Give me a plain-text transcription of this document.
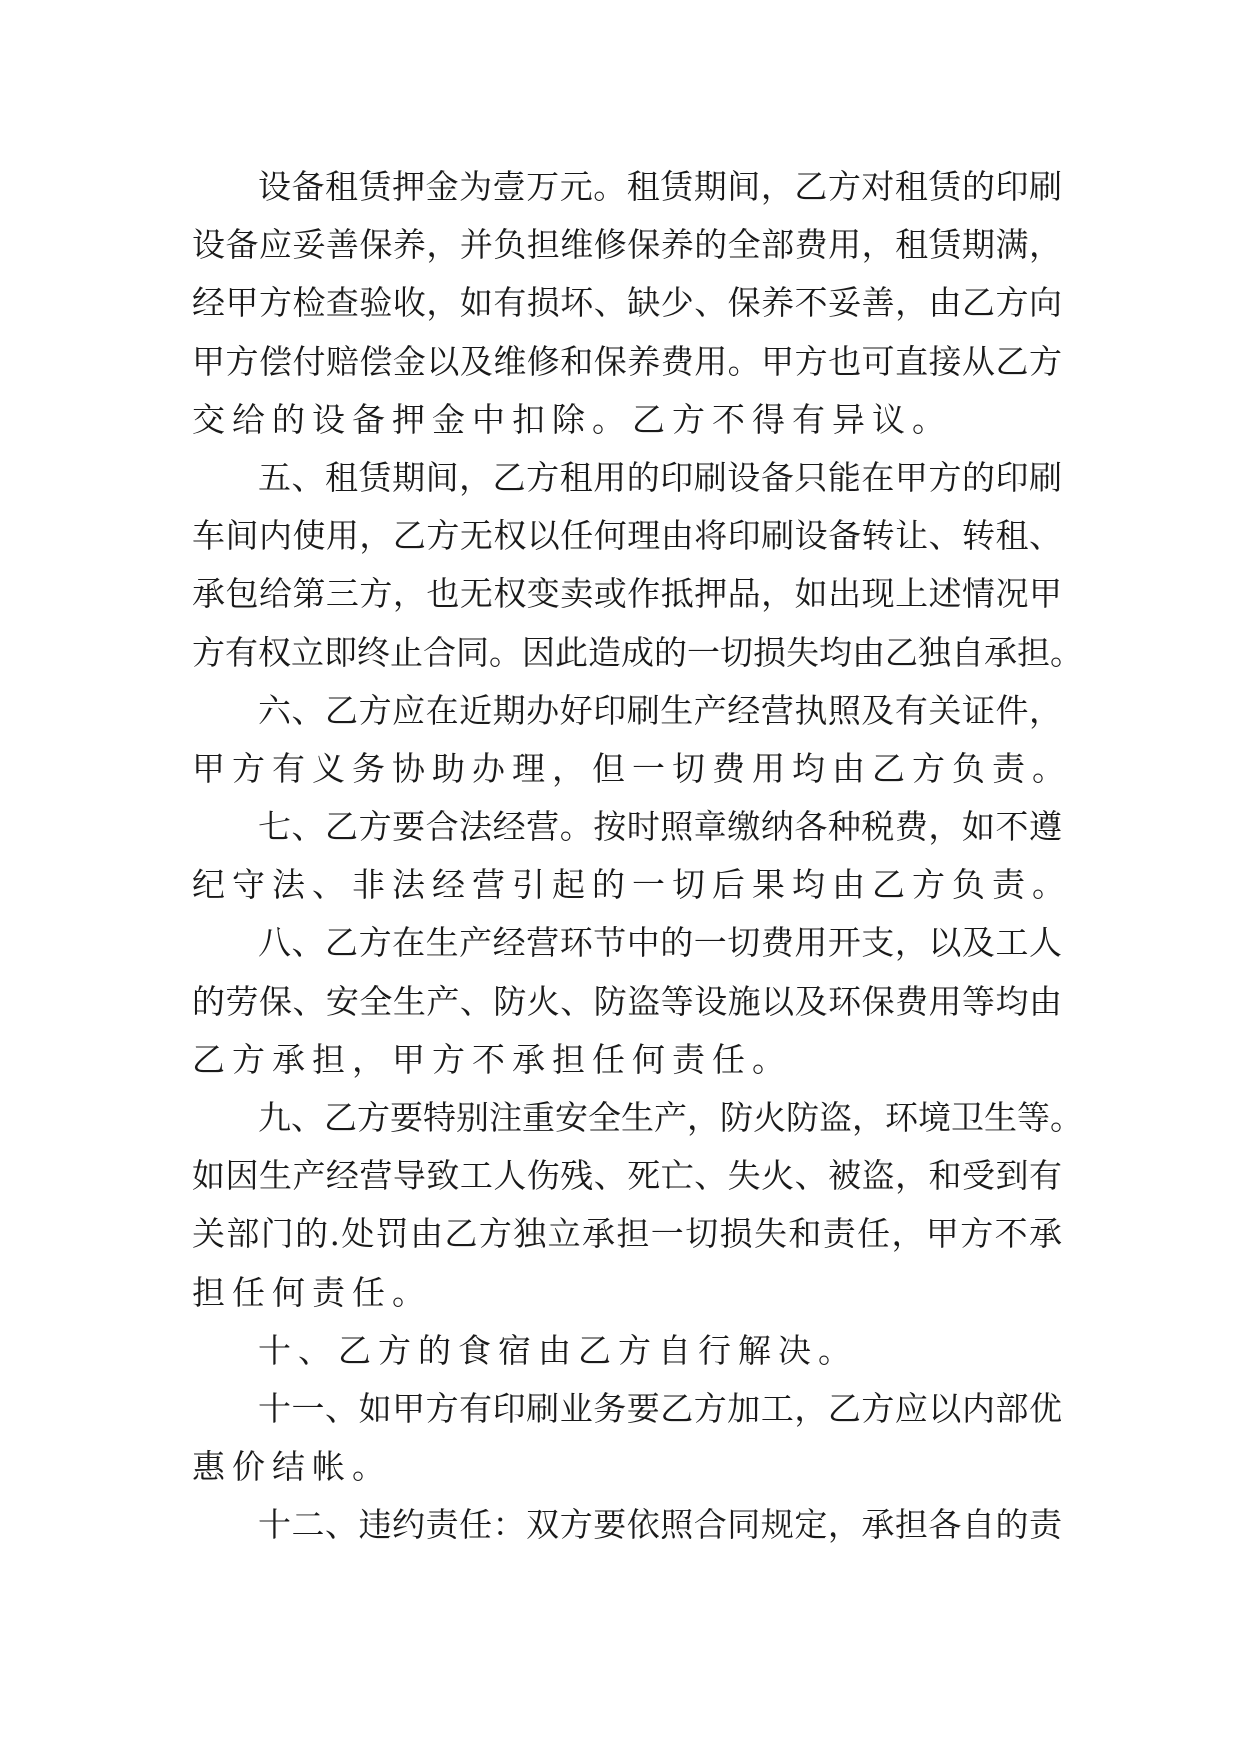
设备租赁押金为壹万元。租赁期间，乙方对租赁的印刷
设备应妥善保养，并负担维修保养的全部费用，租赁期满，
经甲方检查验收，如有损坏、缺少、保养不妥善，由乙方向
甲方偿付赔偿金以及维修和保养费用。甲方也可直接从乙方
交给的设备押金中扣除。乙方不得有异议。
五、租赁期间，乙方租用的印刷设备只能在甲方的印刷
车间内使用，乙方无权以任何理由将印刷设备转让、转租、
承包给第三方，也无权变卖或作抵押品，如出现上述情况甲
方有权立即终止合同。因此造成的一切损失均由乙独自承担。
六、乙方应在近期办好印刷生产经营执照及有关证件，
甲方有义务协助办理，但一切费用均由乙方负责。
七、乙方要合法经营。按时照章缴纳各种税费，如不遵
纪守法、非法经营引起的一切后果均由乙方负责。
八、乙方在生产经营环节中的一切费用开支，以及工人
的劳保、安全生产、防火、防盗等设施以及环保费用等均由
乙方承担，甲方不承担任何责任。
九、乙方要特别注重安全生产，防火防盗，环境卫生等。
如因生产经营导致工人伤残、死亡、失火、被盗，和受到有
关部门的.处罚由乙方独立承担一切损失和责任，甲方不承
担任何责任。
十、乙方的食宿由乙方自行解决。
十一、如甲方有印刷业务要乙方加工，乙方应以内部优
惠价结帐。
十二、违约责任：双方要依照合同规定，承担各自的责
